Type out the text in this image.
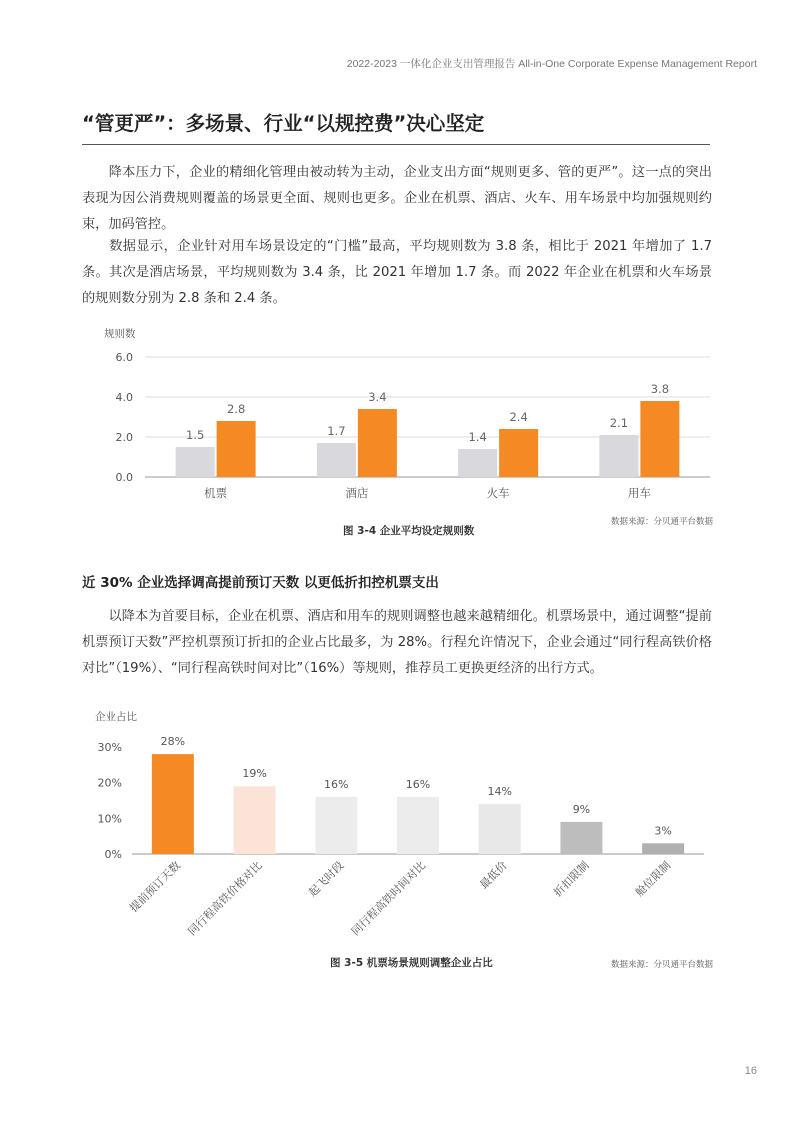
2022-2023 一体化企业支出管理报告 All-in-One Corporate Expense Management Report
“管更严”：多场景、行业“以规控费”决心坚定

　　降本压力下，企业的精细化管理由被动转为主动，企业支出方面“规则更多、管的更严”。这一点的突出表现为因公消费规则覆盖的场景更全面、规则也更多。企业在机票、酒店、火车、用车场景中均加强规则约束，加码管控。

　　数据显示，企业针对用车场景设定的“门槛”最高，平均规则数为 3.8 条，相比于 2021 年增加了 1.7 条。其次是酒店场景，平均规则数为 3.4 条，比 2021 年增加 1.7 条。而 2022 年企业在机票和火车场景的规则数分别为 2.8 条和 2.4 条。

规则数
0.0
2.0
4.0
6.0
1.5
2.8
机票
1.7
3.4
酒店
1.4
2.4
火车
2.1
3.8
用车
图 3-4 企业平均设定规则数
数据来源：分贝通平台数据
近 30% 企业选择调高提前预订天数 以更低折扣控机票支出

　　以降本为首要目标，企业在机票、酒店和用车的规则调整也越来越精细化。机票场景中，通过调整“提前机票预订天数”严控机票预订折扣的企业占比最多，为 28%。行程允许情况下，企业会通过“同行程高铁价格对比”（19%）、“同行程高铁时间对比”（16%）等规则，推荐员工更换更经济的出行方式。

企业占比
0%
10%
20%
30%	28%
提前预订天数
19%
同行程高铁价格对比
16%
起飞时段
16%
同行程高铁时间对比
14%
最低价
9%
折扣限制
3%
舱位限制
图 3-5 机票场景规则调整企业占比	数据来源：分贝通平台数据
16
